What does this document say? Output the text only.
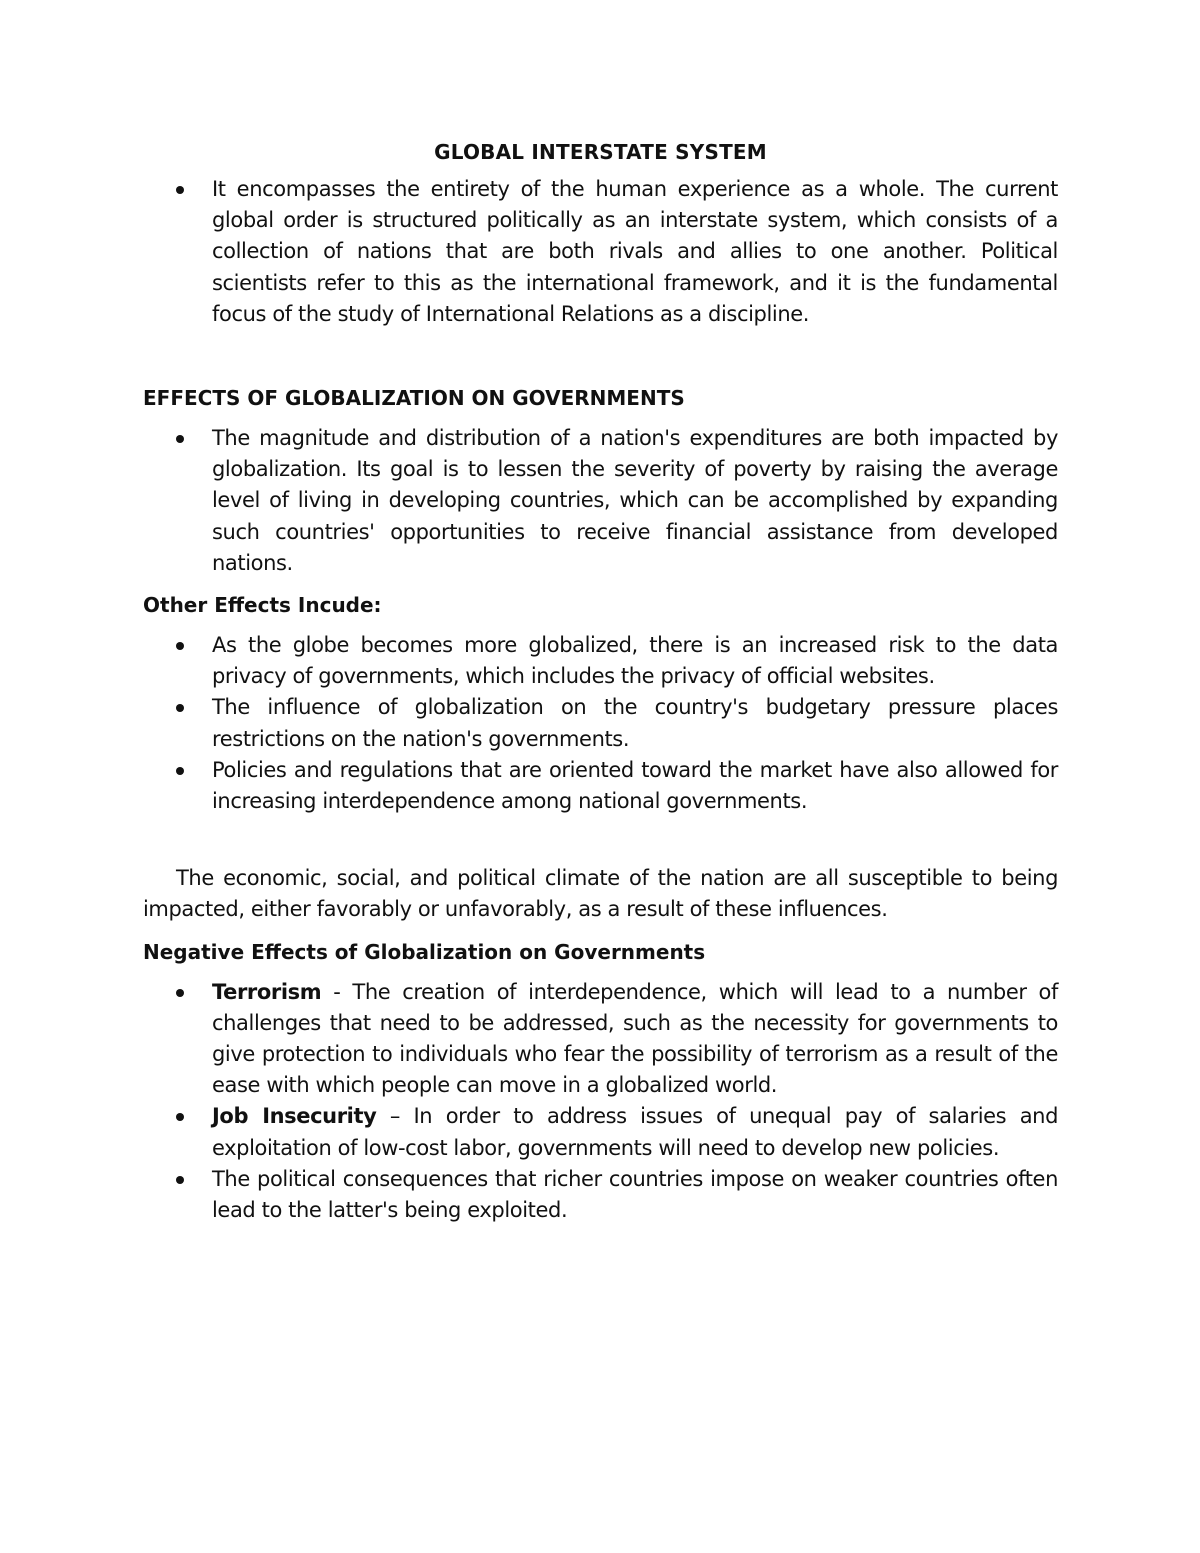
GLOBAL INTERSTATE SYSTEM

It encompasses the entirety of the human experience as a whole. The current global order is structured politically as an interstate system, which consists of a collection of nations that are both rivals and allies to one another. Political scientists refer to this as the international framework, and it is the fundamental focus of the study of International Relations as a discipline.

EFFECTS OF GLOBALIZATION ON GOVERNMENTS

The magnitude and distribution of a nation's expenditures are both impacted by globalization. Its goal is to lessen the severity of poverty by raising the average level of living in developing countries, which can be accomplished by expanding such countries' opportunities to receive financial assistance from developed nations.

Other Effects Incude:

As the globe becomes more globalized, there is an increased risk to the data privacy of governments, which includes the privacy of official websites.
The influence of globalization on the country's budgetary pressure places restrictions on the nation's governments.
Policies and regulations that are oriented toward the market have also allowed for increasing interdependence among national governments.

The economic, social, and political climate of the nation are all susceptible to being impacted, either favorably or unfavorably, as a result of these influences.

Negative Effects of Globalization on Governments

Terrorism - The creation of interdependence, which will lead to a number of challenges that need to be addressed, such as the necessity for governments to give protection to individuals who fear the possibility of terrorism as a result of the ease with which people can move in a globalized world.
Job Insecurity – In order to address issues of unequal pay of salaries and exploitation of low-cost labor, governments will need to develop new policies.
The political consequences that richer countries impose on weaker countries often lead to the latter's being exploited.
